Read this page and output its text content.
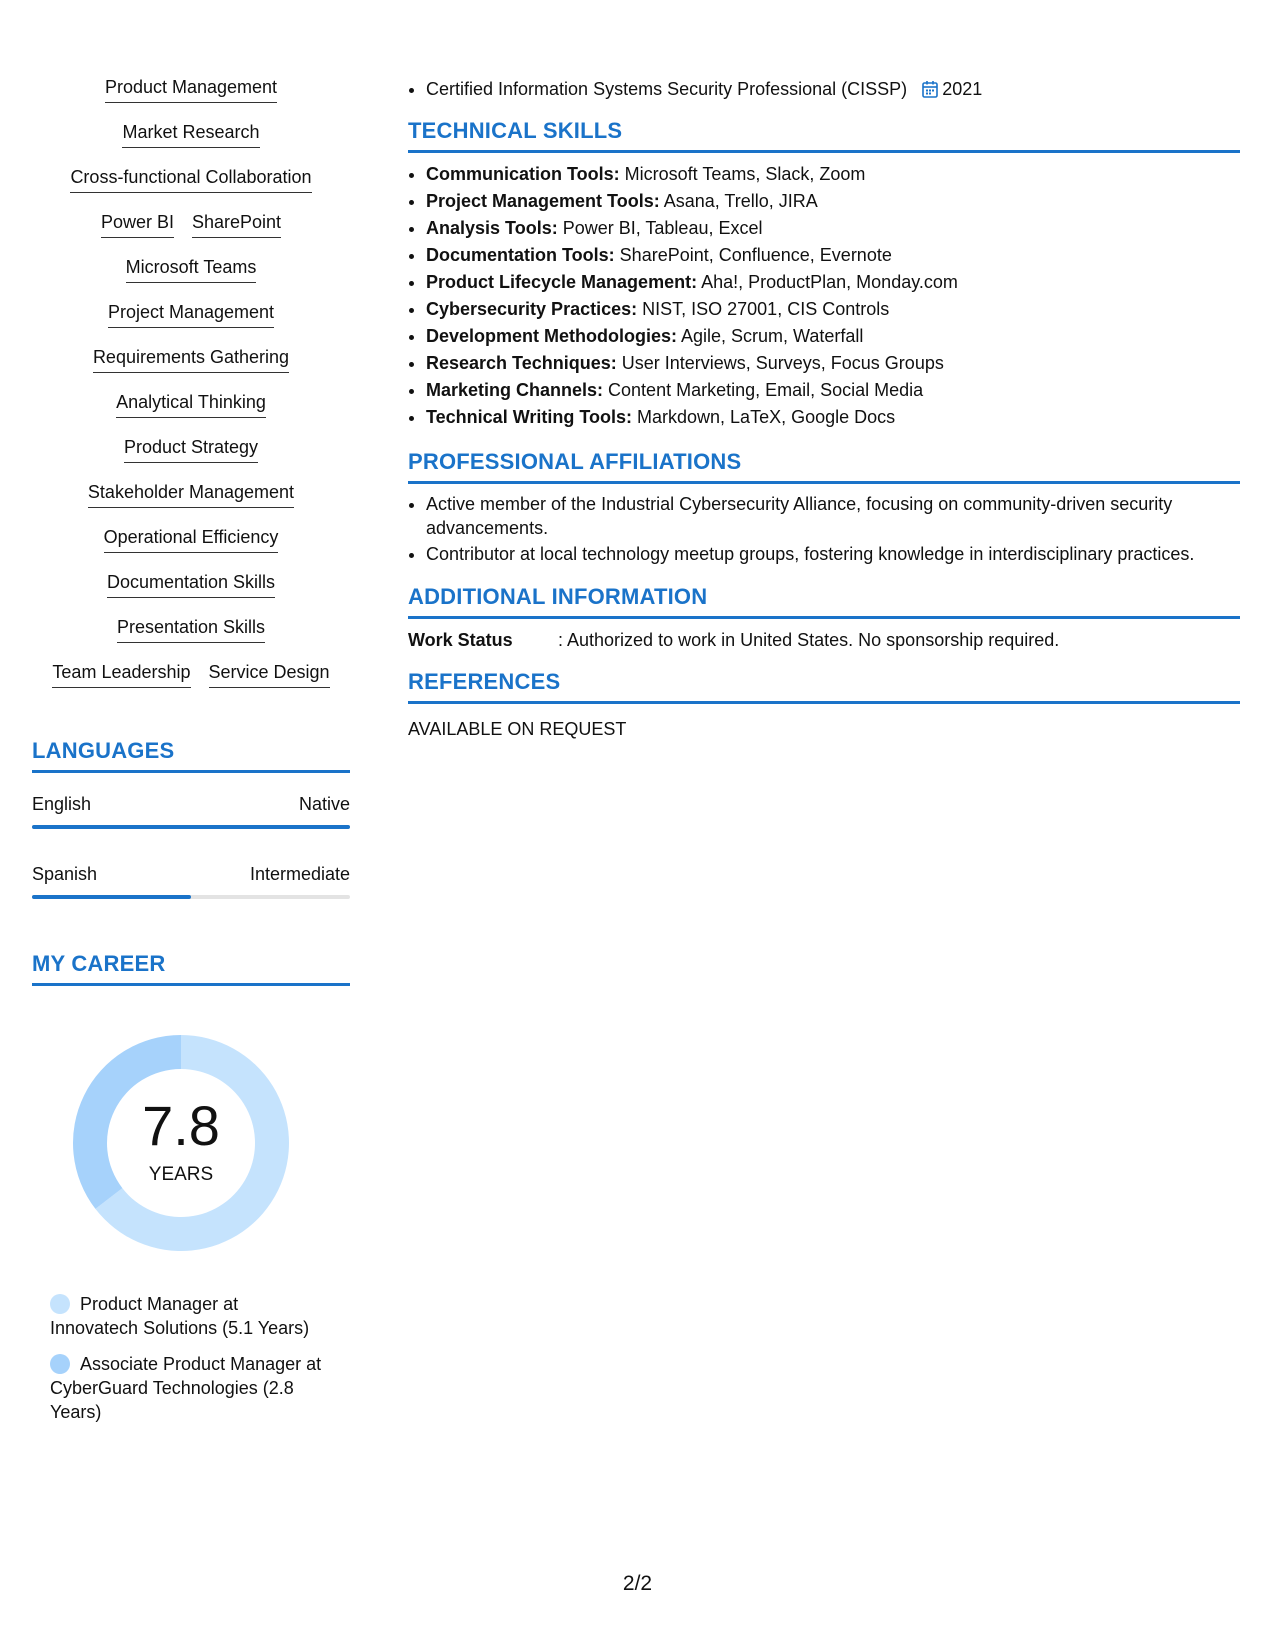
Product Management
Market Research
Cross-functional Collaboration
Power BI SharePoint
Microsoft Teams
Project Management
Requirements Gathering
Analytical Thinking
Product Strategy
Stakeholder Management
Operational Efficiency
Documentation Skills
Presentation Skills
Team Leadership Service Design
LANGUAGES
English	Native
Spanish	Intermediate
MY CAREER
7.8
YEARS
Product Manager at Innovatech Solutions (5.1 Years)
Associate Product Manager at CyberGuard Technologies (2.8 Years)
• Certified Information Systems Security Professional (CISSP) 2021
TECHNICAL SKILLS
• Communication Tools: Microsoft Teams, Slack, Zoom
• Project Management Tools: Asana, Trello, JIRA
• Analysis Tools: Power BI, Tableau, Excel
• Documentation Tools: SharePoint, Confluence, Evernote
• Product Lifecycle Management: Aha!, ProductPlan, Monday.com
• Cybersecurity Practices: NIST, ISO 27001, CIS Controls
• Development Methodologies: Agile, Scrum, Waterfall
• Research Techniques: User Interviews, Surveys, Focus Groups
• Marketing Channels: Content Marketing, Email, Social Media
• Technical Writing Tools: Markdown, LaTeX, Google Docs
PROFESSIONAL AFFILIATIONS
• Active member of the Industrial Cybersecurity Alliance, focusing on community-driven security advancements.
• Contributor at local technology meetup groups, fostering knowledge in interdisciplinary practices.
ADDITIONAL INFORMATION
Work Status	: Authorized to work in United States. No sponsorship required.
REFERENCES
AVAILABLE ON REQUEST
2/2
